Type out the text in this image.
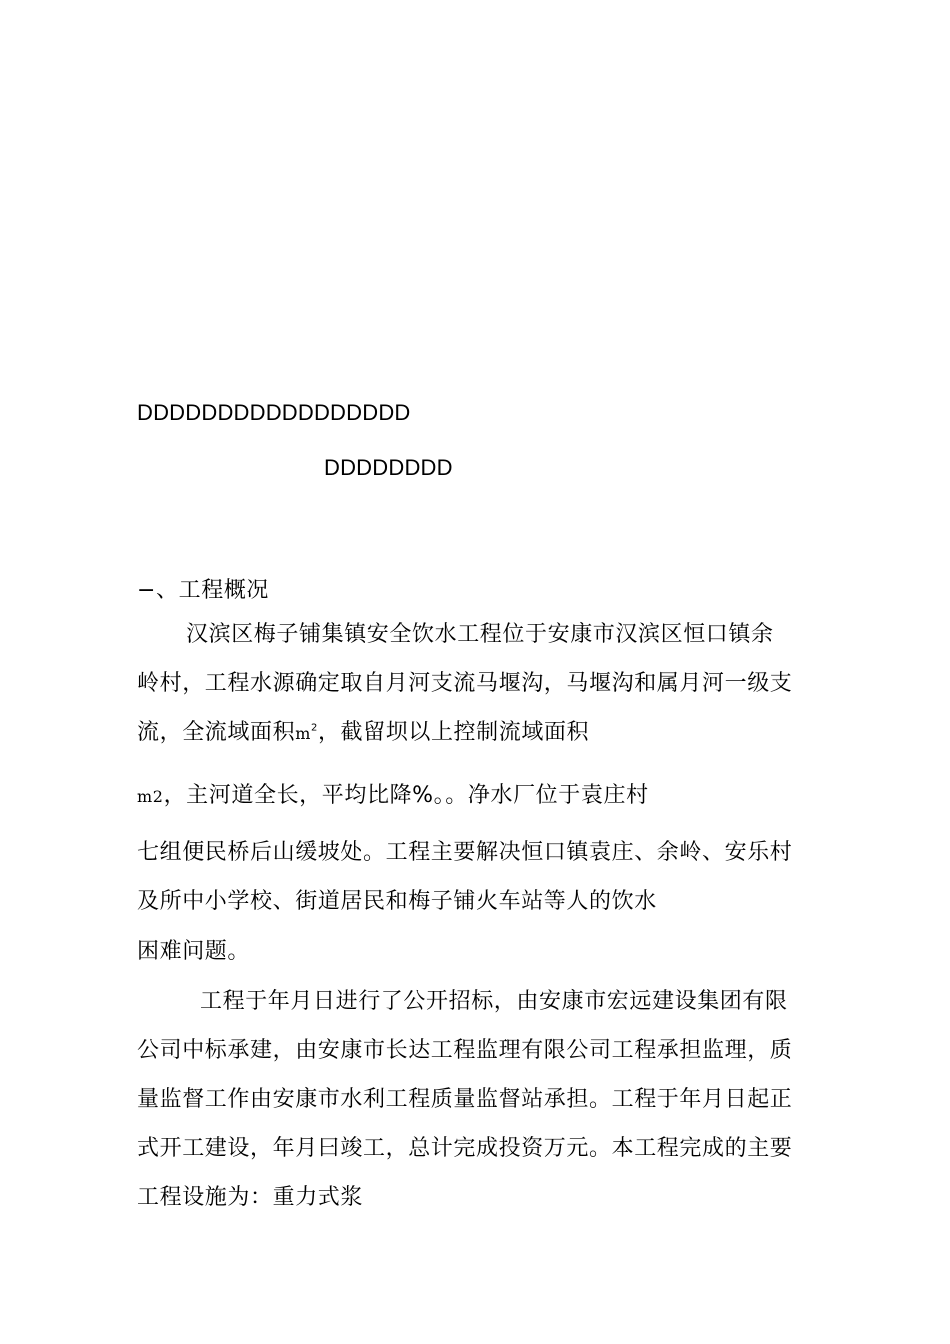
DDDDDDDDDDDDDDDDD
DDDDDDDD
−、工程概况
汉滨区梅子铺集镇安全饮水工程位于安康市汉滨区恒口镇余
岭村，工程水源确定取自月河支流马堰沟，马堰沟和属月河一级支
流，全流域面积$m^2$，截留坝以上控制流域面积
m2，主河道全长，平均比降%。。净水厂位于袁庄村
七组便民桥后山缓坡处。工程主要解决恒口镇袁庄、余岭、安乐村
及所中小学校、街道居民和梅子铺火车站等人的饮水
困难问题。
工程于年月日进行了公开招标，由安康市宏远建设集团有限
公司中标承建，由安康市长达工程监理有限公司工程承担监理，质
量监督工作由安康市水利工程质量监督站承担。工程于年月日起正
式开工建设，年月曰竣工，总计完成投资万元。本工程完成的主要
工程设施为：重力式浆
